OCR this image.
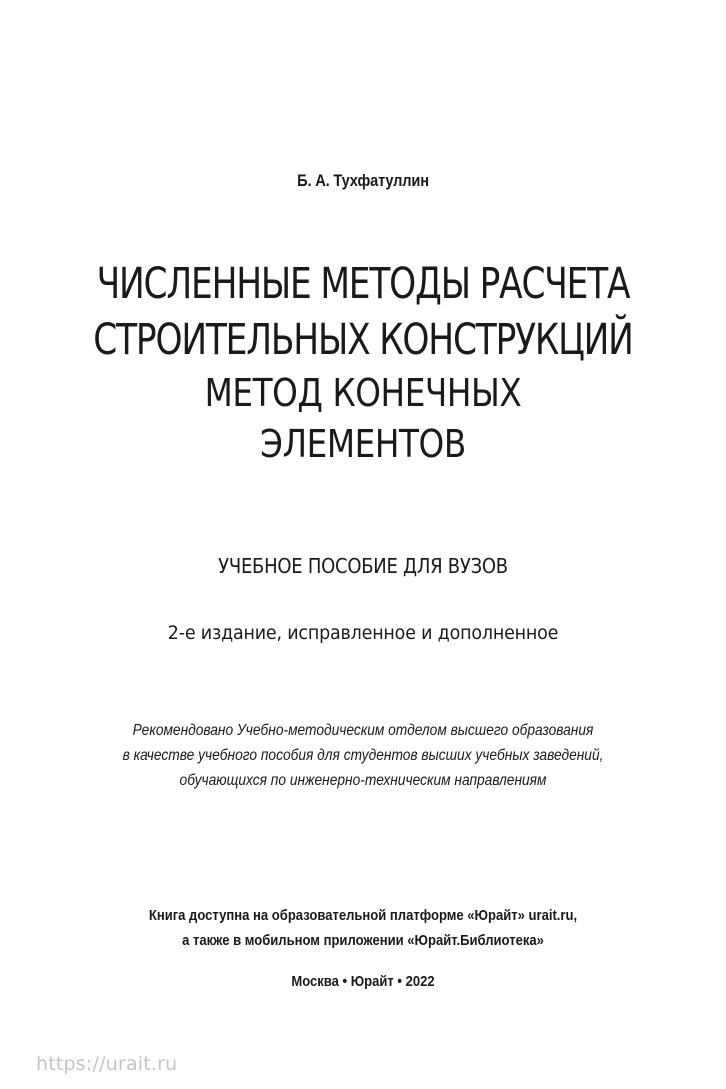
Б. А. Тухфатуллин
ЧИСЛЕННЫЕ МЕТОДЫ РАСЧЕТА
СТРОИТЕЛЬНЫХ КОНСТРУКЦИЙ
МЕТОД КОНЕЧНЫХ
ЭЛЕМЕНТОВ
УЧЕБНОЕ ПОСОБИЕ ДЛЯ ВУЗОВ
2-е издание, исправленное и дополненное
Рекомендовано Учебно-методическим отделом высшего образования
в качестве учебного пособия для студентов высших учебных заведений,
обучающихся по инженерно-техническим направлениям
Книга доступна на образовательной платформе «Юрайт» urait.ru,
а также в мобильном приложении «Юрайт.Библиотека»
Москва • Юрайт • 2022
https://urait.ru
